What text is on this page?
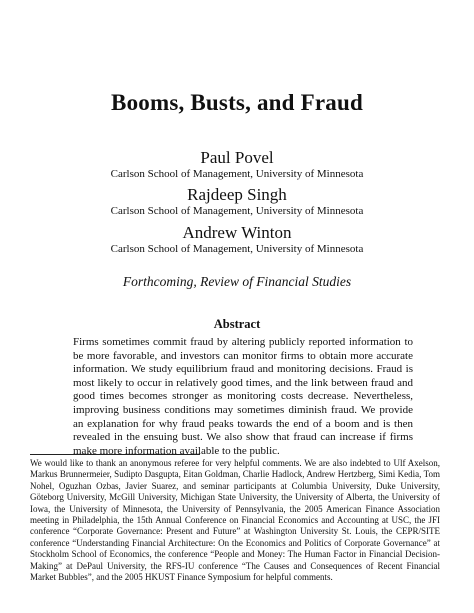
Booms, Busts, and Fraud
Paul Povel
Carlson School of Management, University of Minnesota
Rajdeep Singh
Carlson School of Management, University of Minnesota
Andrew Winton
Carlson School of Management, University of Minnesota
Forthcoming, Review of Financial Studies
Abstract
Firms sometimes commit fraud by altering publicly reported information to be more favorable, and investors can monitor firms to obtain more accurate information. We study equilibrium fraud and monitoring decisions. Fraud is most likely to occur in relatively good times, and the link between fraud and good times becomes stronger as monitoring costs decrease. Nevertheless, improving business conditions may sometimes diminish fraud. We provide an explanation for why fraud peaks towards the end of a boom and is then revealed in the ensuing bust. We also show that fraud can increase if firms make more information available to the public.
We would like to thank an anonymous referee for very helpful comments. We are also indebted to Ulf Axelson, Markus Brunnermeier, Sudipto Dasgupta, Eitan Goldman, Charlie Hadlock, Andrew Hertzberg, Simi Kedia, Tom Nohel, Oguzhan Ozbas, Javier Suarez, and seminar participants at Columbia University, Duke University, Göteborg University, McGill University, Michigan State University, the University of Alberta, the University of Iowa, the University of Minnesota, the University of Pennsylvania, the 2005 American Finance Association meeting in Philadelphia, the 15th Annual Conference on Financial Economics and Accounting at USC, the JFI conference “Corporate Governance: Present and Future” at Washington University St. Louis, the CEPR/SITE conference “Understanding Financial Architecture: On the Economics and Politics of Corporate Governance” at Stockholm School of Economics, the conference “People and Money: The Human Factor in Financial Decision-Making” at DePaul University, the RFS-IU conference “The Causes and Consequences of Recent Financial Market Bubbles”, and the 2005 HKUST Finance Symposium for helpful comments.
